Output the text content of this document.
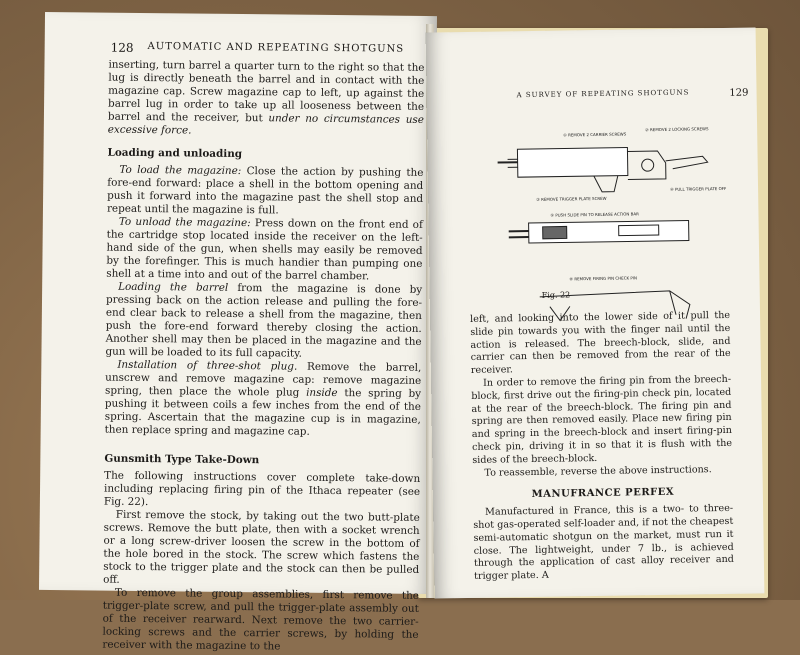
128 AUTOMATIC AND REPEATING SHOTGUNS

inserting, turn barrel a quarter turn to the right so that the lug is directly beneath the barrel and in contact with the magazine cap. Screw magazine cap to left, up against the barrel lug in order to take up all looseness between the barrel and the receiver, but under no circumstances use excessive force.

Loading and unloading

To load the magazine: Close the action by pushing the fore-end forward: place a shell in the bottom opening and push it forward into the magazine past the shell stop and repeat until the magazine is full.

To unload the magazine: Press down on the front end of the cartridge stop located inside the receiver on the left-hand side of the gun, when shells may easily be removed by the forefinger. This is much handier than pumping one shell at a time into and out of the barrel chamber.

Loading the barrel from the magazine is done by pressing back on the action release and pulling the fore-end clear back to release a shell from the magazine, then push the fore-end forward thereby closing the action. Another shell may then be placed in the magazine and the gun will be loaded to its full capacity.

Installation of three-shot plug. Remove the barrel, unscrew and remove magazine cap: remove magazine spring, then place the whole plug inside the spring by pushing it between coils a few inches from the end of the spring. Ascertain that the magazine cup is in magazine, then replace spring and magazine cap.

Gunsmith Type Take-Down

The following instructions cover complete take-down including replacing firing pin of the Ithaca repeater (see Fig. 22).

First remove the stock, by taking out the two butt-plate screws. Remove the butt plate, then with a socket wrench or a long screw-driver loosen the screw in the bottom of the hole bored in the stock. The screw which fastens the stock to the trigger plate and the stock can then be pulled off.

To remove the group assemblies, first remove the trigger-plate screw, and pull the trigger-plate assembly out of the receiver rearward. Next remove the two carrier-locking screws and the carrier screws, by holding the receiver with the magazine to the

A SURVEY OF REPEATING SHOTGUNS	129
① REMOVE 2 CARRIER SCREWS
② REMOVE 2 LOCKING SCREWS
④ PULL TRIGGER PLATE OFF
③ REMOVE TRIGGER PLATE SCREW
⑤ PUSH SLIDE PIN TO RELEASE ACTION BAR
⑥ REMOVE FIRING PIN CHECK PIN
Fig. 22

left, and looking into the lower side of it pull the slide pin towards you with the finger nail until the action is released. The breech-block, slide, and carrier can then be removed from the rear of the receiver.

In order to remove the firing pin from the breech-block, first drive out the firing-pin check pin, located at the rear of the breech-block. The firing pin and spring are then removed easily. Place new firing pin and spring in the breech-block and insert firing-pin check pin, driving it in so that it is flush with the sides of the breech-block.

To reassemble, reverse the above instructions.

MANUFRANCE PERFEX

Manufactured in France, this is a two- to three-shot gas-operated self-loader and, if not the cheapest semi-automatic shotgun on the market, must run it close. The lightweight, under 7 lb., is achieved through the application of cast alloy receiver and trigger plate. A
